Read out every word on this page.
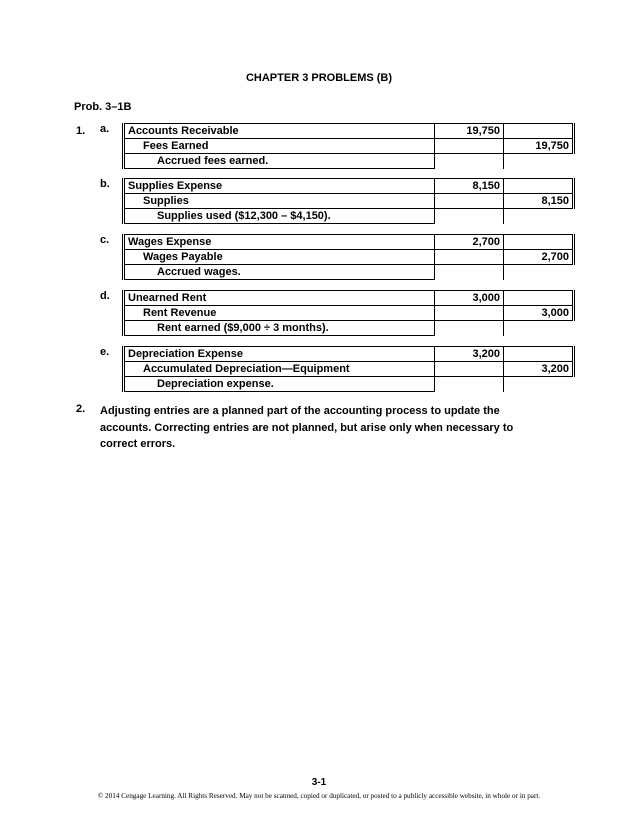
CHAPTER 3 PROBLEMS (B)
Prob. 3–1B
1. a.	Accounts Receivable	19,750	
Fees Earned		19,750
Accrued fees earned.		
b.	Supplies Expense	8,150	
Supplies		8,150
Supplies used ($12,300 – $4,150).		
c.	Wages Expense	2,700	
Wages Payable		2,700
Accrued wages.		
d.	Unearned Rent	3,000	
Rent Revenue		3,000
Rent earned ($9,000 ÷ 3 months).		
e.	Depreciation Expense	3,200	
Accumulated Depreciation—Equipment		3,200
Depreciation expense.		
2. Adjusting entries are a planned part of the accounting process to update the accounts. Correcting entries are not planned, but arise only when necessary to correct errors.
3-1
© 2014 Cengage Learning. All Rights Reserved. May not be scanned, copied or duplicated, or posted to a publicly accessible website, in whole or in part.
